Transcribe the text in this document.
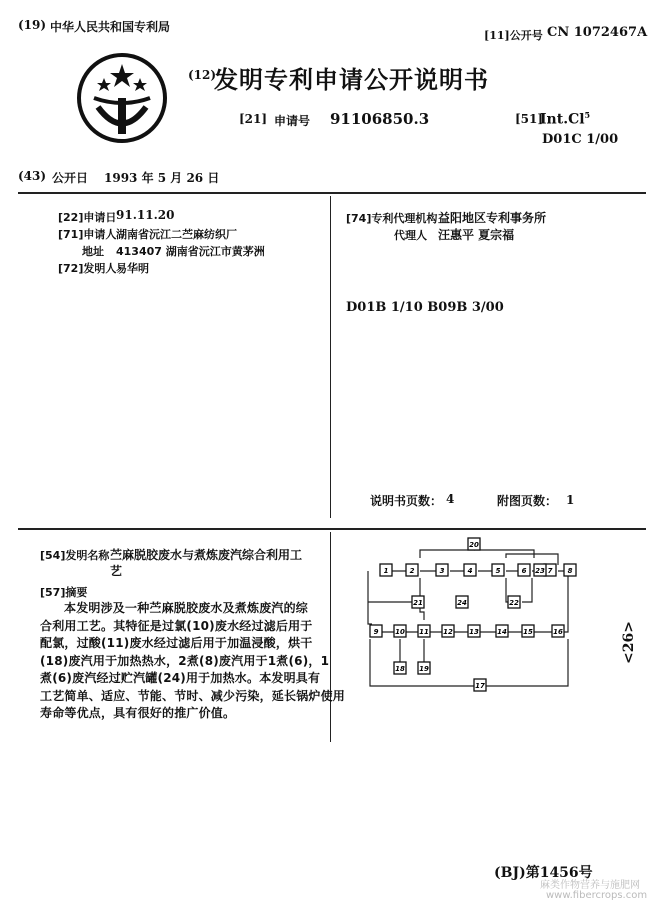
(19) 中华人民共和国专利局
[11]公开号 CN 1072467A
(12)
发明专利申请公开说明书
[21] 申请号 91106850.3	[51]
Int.Cl$^5$
D01C 1/00
(43) 公开日 1993 年 5 月 26 日
[22]申请日 91.11.20
[71]申请人 湖南省沅江二苎麻纺织厂
地址 413407 湖南省沅江市黄茅洲
[72]发明人 易华明
[74]专利代理机构 益阳地区专利事务所
代理人 汪惠平 夏宗福
D01B 1/10 B09B 3/00
说明书页数： 4	附图页数： 1
[54]发明名称 苎麻脱胶废水与煮炼废汽综合利用工
艺
[57]摘要
本发明涉及一种苎麻脱胶废水及煮炼废汽的综
合利用工艺。其特征是过氯(10)废水经过滤后用于
配氯，过酸(11)废水经过滤后用于加温浸酸，烘干
(18)废汽用于加热热水，2煮(8)废汽用于1煮(6)，1
煮(6)废汽经过贮汽罐(24)用于加热水。本发明具有
工艺简单、适应、节能、节时、减少污染，延长锅炉使用
寿命等优点，具有很好的推广价值。
20
1	2	3	4	5	6	7 8
21	22
9 10 11 12 13	14 15	16
17
18 19
23
24
<26>
(BJ)第1456号
麻类作物营养与施肥网
www.fibercrops.com
